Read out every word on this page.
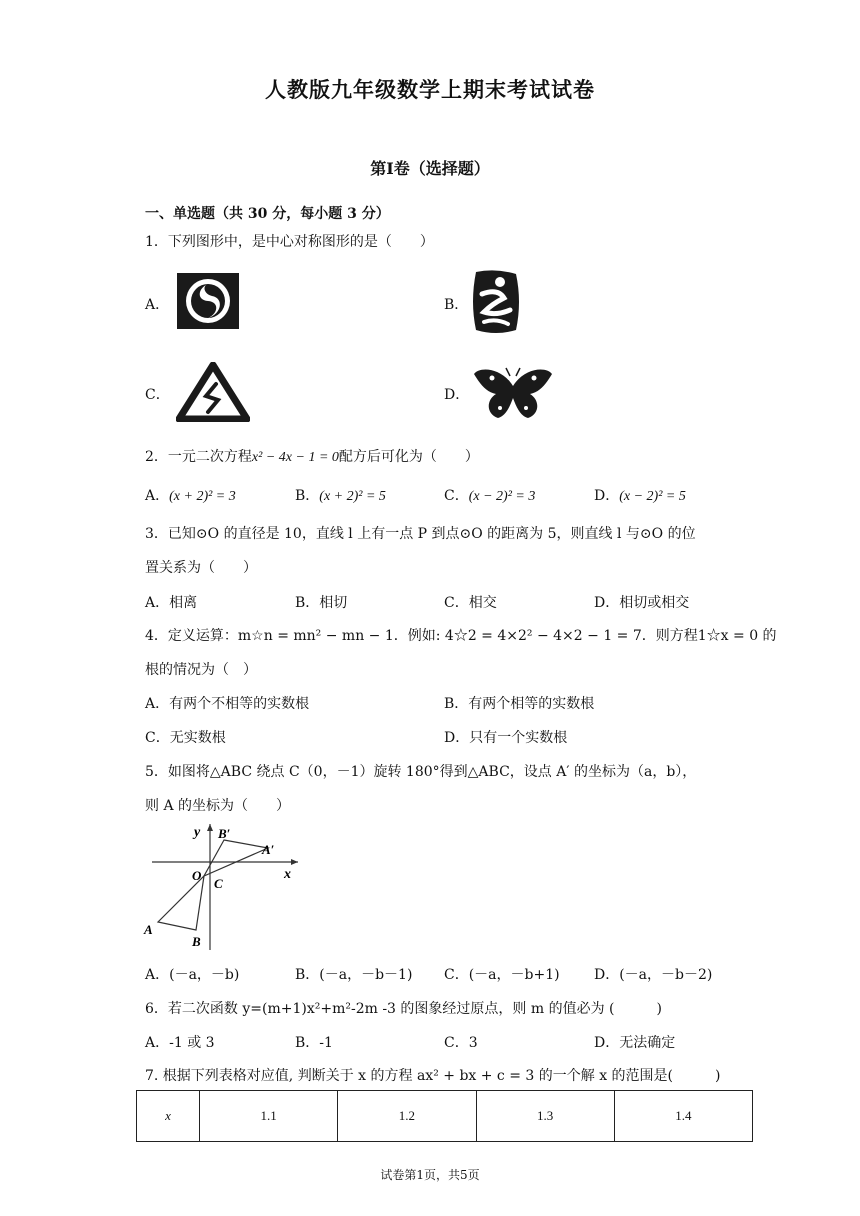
人教版九年级数学上期末考试试卷
第Ⅰ卷（选择题）
一、单选题（共 30 分，每小题 3 分）
1．下列图形中，是中心对称图形的是（　　）
A．	B．
C．	D．
2．一元二次方程x² − 4x − 1 = 0配方后可化为（　　）
A．(x + 2)² = 3	B．(x + 2)² = 5	C．(x − 2)² = 3	D．(x − 2)² = 5
3．已知⊙O 的直径是 10，直线 l 上有一点 P 到点⊙O 的距离为 5，则直线 l 与⊙O 的位
置关系为（　　）
A．相离	B．相切	C．相交	D．相切或相交
4．定义运算：m☆n = mn² − mn − 1．例如: 4☆2 = 4×2² − 4×2 − 1 = 7．则方程1☆x = 0 的
根的情况为（　）
A．有两个不相等的实数根	B．有两个相等的实数根
C．无实数根	D．只有一个实数根
5．如图将△ABC 绕点 C（0，－1）旋转 180°得到△ABC，设点 A′ 的坐标为（a，b），
则 A 的坐标为（　　）
y B′
A′
O
C
x
A
B
A．(－a，－b)	B．(－a，－b－1) C．(－a，－b+1) D．(－a，－b－2)
6．若二次函数 y=(m+1)x²+m²-2m -3 的图象经过原点，则 m 的值必为 (　　　)
A．-1 或 3	B．-1	C．3	D．无法确定
7. 根据下列表格对应值, 判断关于 x 的方程 ax² + bx + c = 3 的一个解 x 的范围是(　　　)
x	1.1	1.2	1.3	1.4
试卷第1页，共5页
